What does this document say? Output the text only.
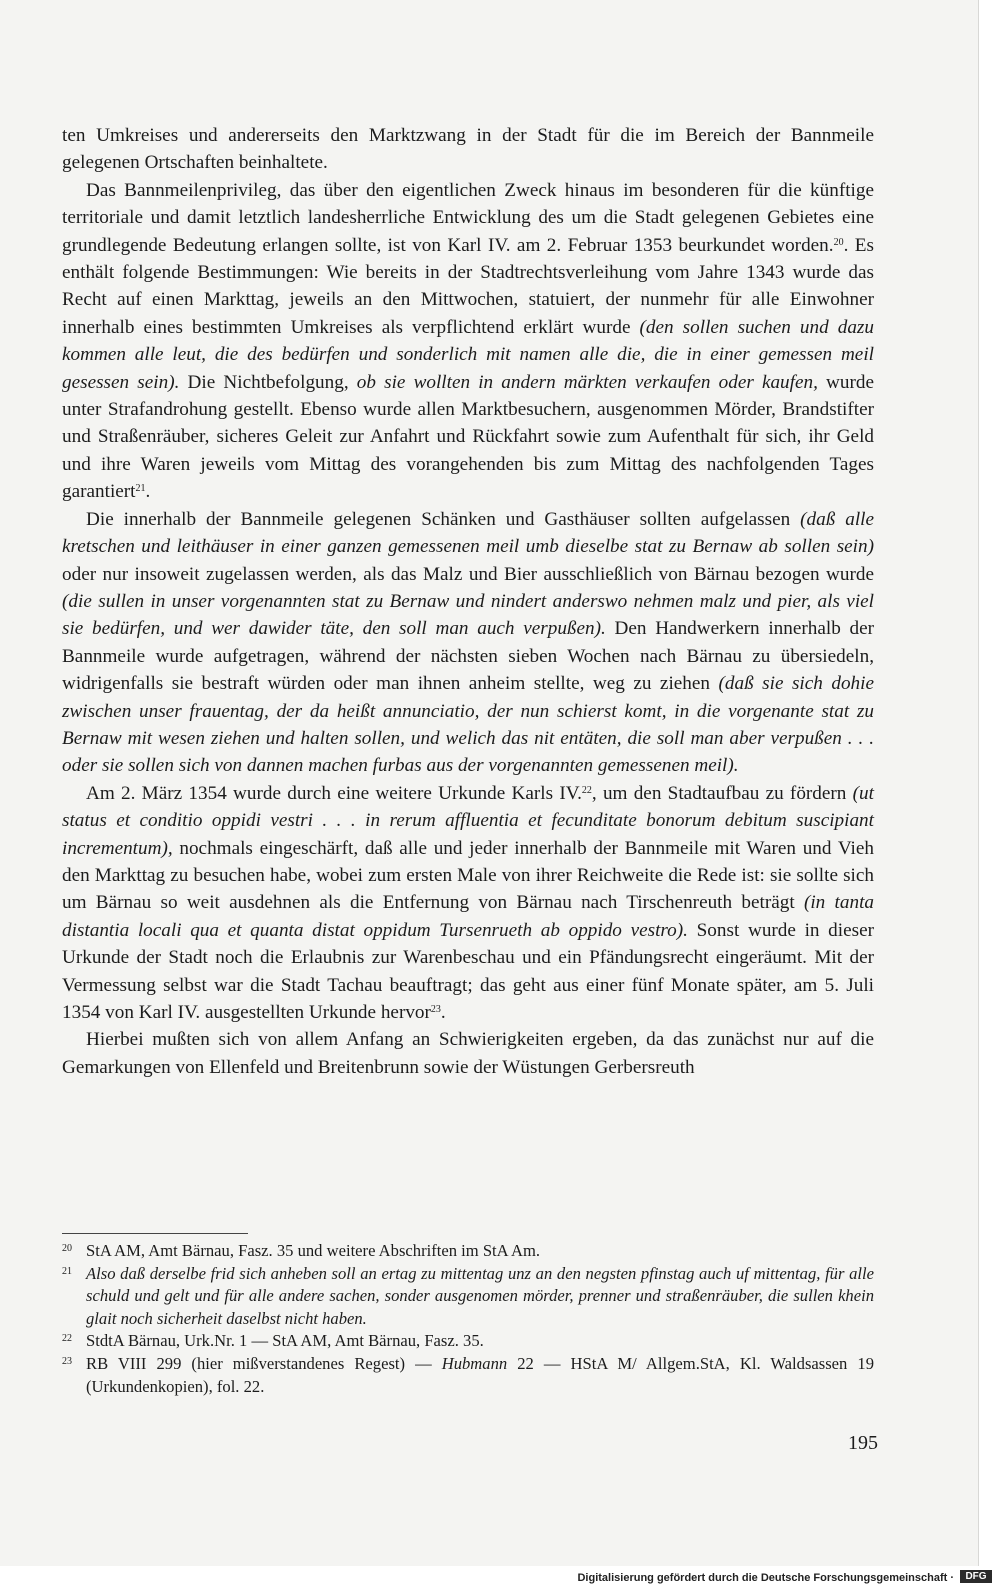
ten Umkreises und andererseits den Marktzwang in der Stadt für die im Bereich der Bannmeile gelegenen Ortschaften beinhaltete.

Das Bannmeilenprivileg, das über den eigentlichen Zweck hinaus im besonderen für die künftige territoriale und damit letztlich landesherrliche Entwicklung des um die Stadt gelegenen Gebietes eine grundlegende Bedeutung erlangen sollte, ist von Karl IV. am 2. Februar 1353 beurkundet worden.$^{20}$. Es enthält folgende Bestimmungen: Wie bereits in der Stadtrechtsverleihung vom Jahre 1343 wurde das Recht auf einen Markttag, jeweils an den Mittwochen, statuiert, der nunmehr für alle Einwohner innerhalb eines bestimmten Umkreises als verpflichtend erklärt wurde (den sollen suchen und dazu kommen alle leut, die des bedürfen und sonderlich mit namen alle die, die in einer gemessen meil gesessen sein). Die Nichtbefolgung, ob sie wollten in andern märkten verkaufen oder kaufen, wurde unter Strafandrohung gestellt. Ebenso wurde allen Marktbesuchern, ausgenommen Mörder, Brandstifter und Straßenräuber, sicheres Geleit zur Anfahrt und Rückfahrt sowie zum Aufenthalt für sich, ihr Geld und ihre Waren jeweils vom Mittag des vorangehenden bis zum Mittag des nachfolgenden Tages garantiert$^{21}$.

Die innerhalb der Bannmeile gelegenen Schänken und Gasthäuser sollten aufgelassen (daß alle kretschen und leithäuser in einer ganzen gemessenen meil umb dieselbe stat zu Bernaw ab sollen sein) oder nur insoweit zugelassen werden, als das Malz und Bier ausschließlich von Bärnau bezogen wurde (die sullen in unser vorgenannten stat zu Bernaw und nindert anderswo nehmen malz und pier, als viel sie bedürfen, und wer dawider täte, den soll man auch verpußen). Den Handwerkern innerhalb der Bannmeile wurde aufgetragen, während der nächsten sieben Wochen nach Bärnau zu übersiedeln, widrigenfalls sie bestraft würden oder man ihnen anheim stellte, weg zu ziehen (daß sie sich dohie zwischen unser frauentag, der da heißt annunciatio, der nun schierst komt, in die vorgenante stat zu Bernaw mit wesen ziehen und halten sollen, und welich das nit entäten, die soll man aber verpußen . . . oder sie sollen sich von dannen machen furbas aus der vorgenannten gemessenen meil).

Am 2. März 1354 wurde durch eine weitere Urkunde Karls IV.$^{22}$, um den Stadtaufbau zu fördern (ut status et conditio oppidi vestri . . . in rerum affluentia et fecunditate bonorum debitum suscipiant incrementum), nochmals eingeschärft, daß alle und jeder innerhalb der Bannmeile mit Waren und Vieh den Markttag zu besuchen habe, wobei zum ersten Male von ihrer Reichweite die Rede ist: sie sollte sich um Bärnau so weit ausdehnen als die Entfernung von Bärnau nach Tirschenreuth beträgt (in tanta distantia locali qua et quanta distat oppidum Tursenrueth ab oppido vestro). Sonst wurde in dieser Urkunde der Stadt noch die Erlaubnis zur Warenbeschau und ein Pfändungsrecht eingeräumt. Mit der Vermessung selbst war die Stadt Tachau beauftragt; das geht aus einer fünf Monate später, am 5. Juli 1354 von Karl IV. ausgestellten Urkunde hervor$^{23}$.

Hierbei mußten sich von allem Anfang an Schwierigkeiten ergeben, da das zunächst nur auf die Gemarkungen von Ellenfeld und Breitenbrunn sowie der Wüstungen Gerbersreuth

20 StA AM, Amt Bärnau, Fasz. 35 und weitere Abschriften im StA Am.

21 Also daß derselbe frid sich anheben soll an ertag zu mittentag unz an den negsten pfinstag auch uf mittentag, für alle schuld und gelt und für alle andere sachen, sonder ausgenomen mörder, prenner und straßenräuber, die sullen khein glait noch sicherheit daselbst nicht haben.

22 StdtA Bärnau, Urk.Nr. 1 — StA AM, Amt Bärnau, Fasz. 35.

23 RB VIII 299 (hier mißverstandenes Regest) — Hubmann 22 — HStA M/ Allgem.StA, Kl. Waldsassen 19 (Urkundenkopien), fol. 22.

195
Digitalisierung gefördert durch die Deutsche Forschungsgemeinschaft ·	DFG
